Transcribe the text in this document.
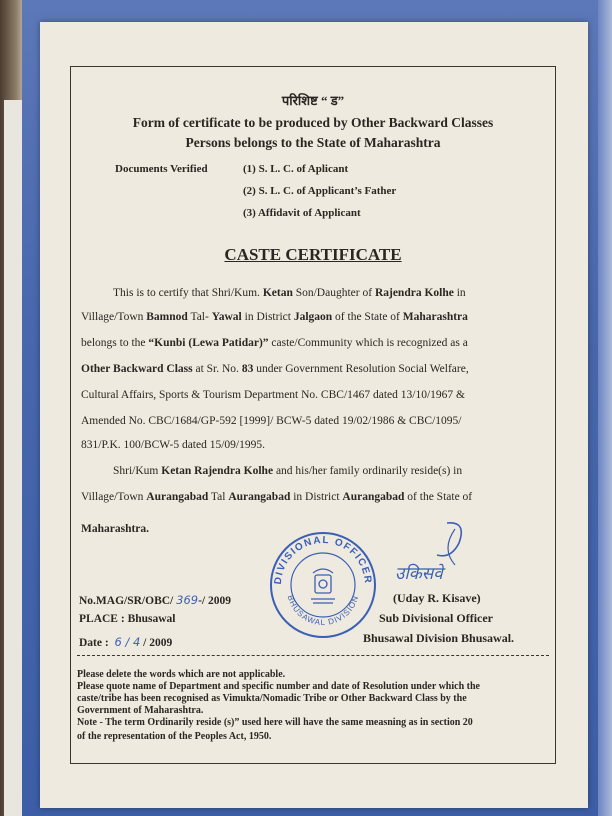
परिशिष्ट “ ड”
Form of certificate to be produced by Other Backward Classes
Persons belongs to the State of Maharashtra
Documents Verified	(1) S. L. C. of Aplicant
(2) S. L. C. of Applicant’s Father
(3) Affidavit of Applicant
CASTE CERTIFICATE
This is to certify that Shri/Kum. Ketan Son/Daughter of Rajendra Kolhe in
Village/Town Bamnod Tal- Yawal in District Jalgaon of the State of Maharashtra
belongs to the “Kunbi (Lewa Patidar)” caste/Community which is recognized as a
Other Backward Class at Sr. No. 83 under Government Resolution Social Welfare,
Cultural Affairs, Sports & Tourism Department No. CBC/1467 dated 13/10/1967 &
Amended No. CBC/1684/GP-592 [1999]/ BCW-5 dated 19/02/1986 & CBC/1095/
831/P.K. 100/BCW-5 dated 15/09/1995.
Shri/Kum Ketan Rajendra Kolhe and his/her family ordinarily reside(s) in
Village/Town Aurangabad Tal Aurangabad in District Aurangabad of the State of
Maharashtra.
DIVISIONAL OFFICER
BHUSAWAL DIVISION
उकिसवे
No.MAG/SR/OBC/ 369-/ 2009
PLACE : Bhusawal
Date : 6 / 4 / 2009
(Uday R. Kisave)
Sub Divisional Officer
Bhusawal Division Bhusawal.
Please delete the words which are not applicable.
Please quote name of Department and specific number and date of Resolution under which the
caste/tribe has been recognised as Vimukta/Nomadic Tribe or Other Backward Class by the
Government of Maharashtra.
Note - The term Ordinarily reside (s)” used here will have the same measning as in section 20
of the representation of the Peoples Act, 1950.
